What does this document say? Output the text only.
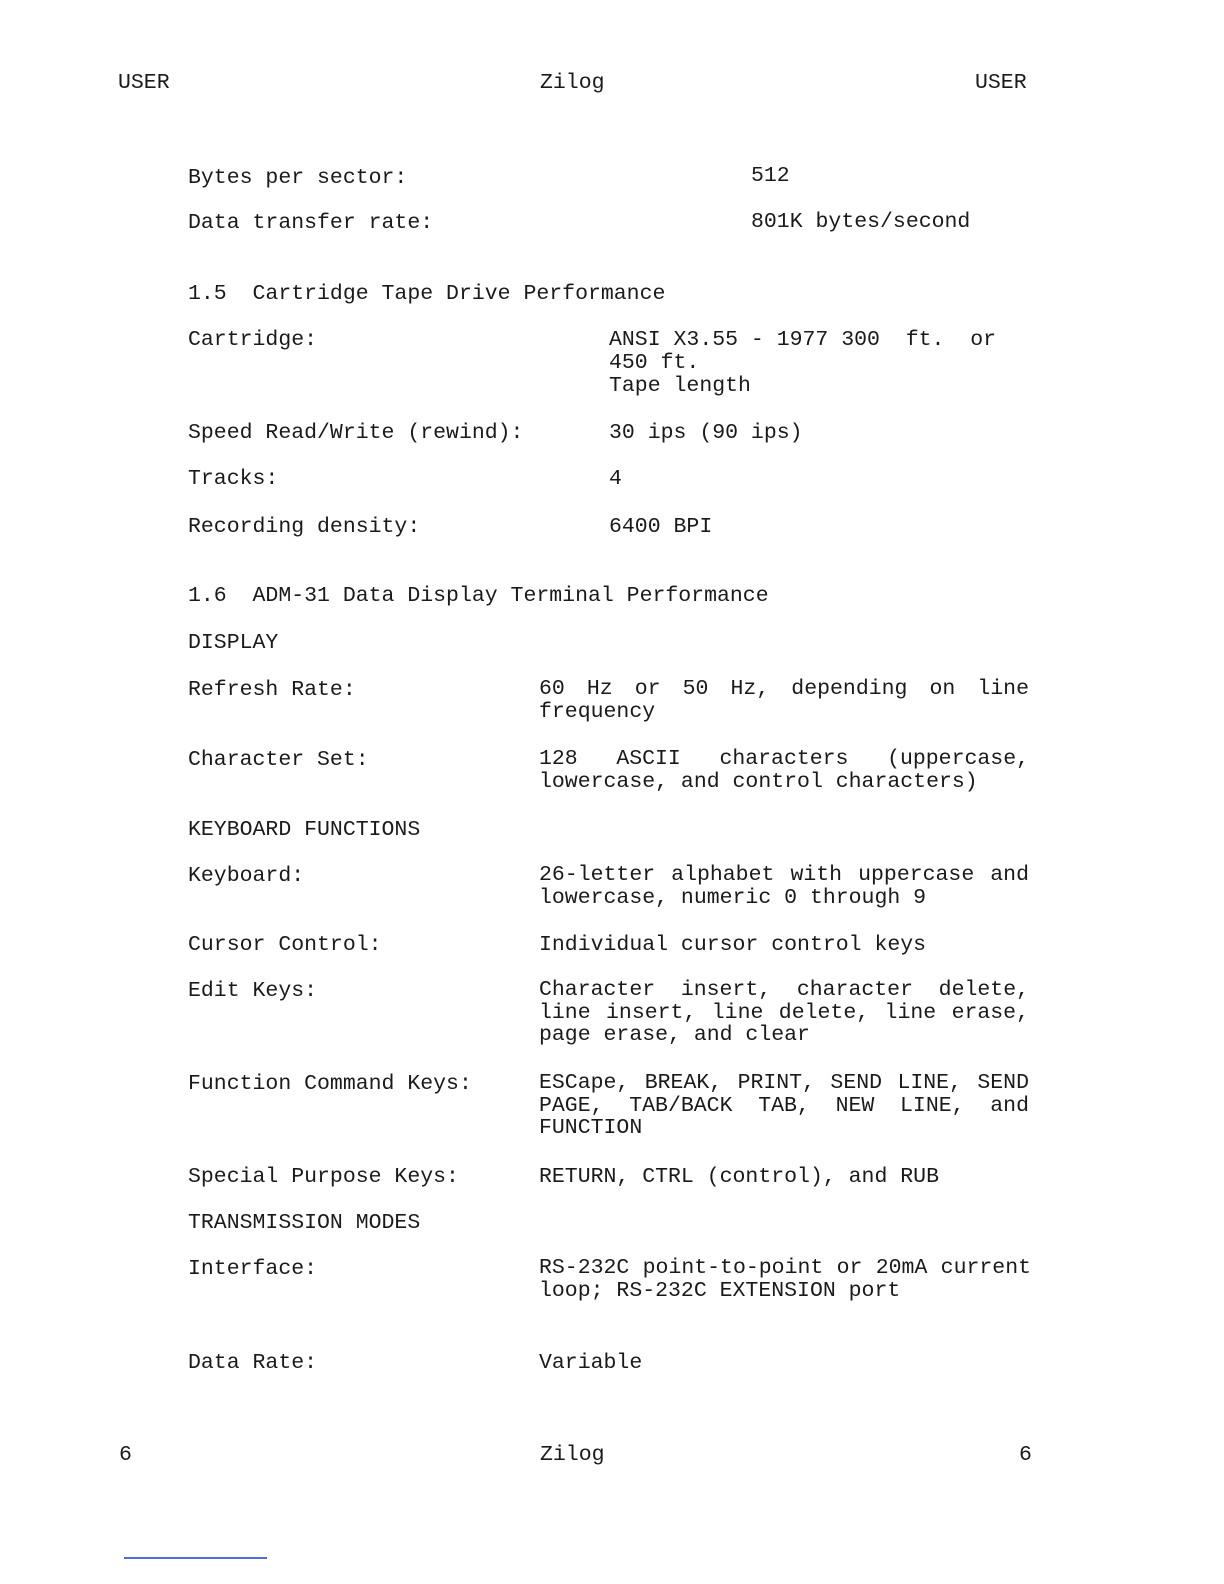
USER	Zilog	USER
Bytes per sector:	512
Data transfer rate:	801K bytes/second
1.5  Cartridge Tape Drive Performance
Cartridge:	ANSI X3.55 - 1977 300  ft.  or
450 ft.
Tape length
Speed Read/Write (rewind):	30 ips (90 ips)
Tracks:	4
Recording density:	6400 BPI
1.6  ADM-31 Data Display Terminal Performance
DISPLAY
Refresh Rate:	60 Hz or 50 Hz, depending on line frequency
Character Set:	128 ASCII characters (uppercase, lowercase, and control characters)
KEYBOARD FUNCTIONS
Keyboard:	26-letter alphabet with uppercase and lowercase, numeric 0 through 9
Cursor Control:	Individual cursor control keys
Edit Keys:	Character insert, character delete, line insert, line delete, line erase, page erase, and clear
Function Command Keys:	ESCape, BREAK, PRINT, SEND LINE, SEND PAGE, TAB/BACK TAB, NEW LINE, and FUNCTION
Special Purpose Keys:	RETURN, CTRL (control), and RUB
TRANSMISSION MODES
Interface:	RS-232C point-to-point or 20mA current loop; RS-232C EXTENSION port
Data Rate:	Variable
6	Zilog	6
